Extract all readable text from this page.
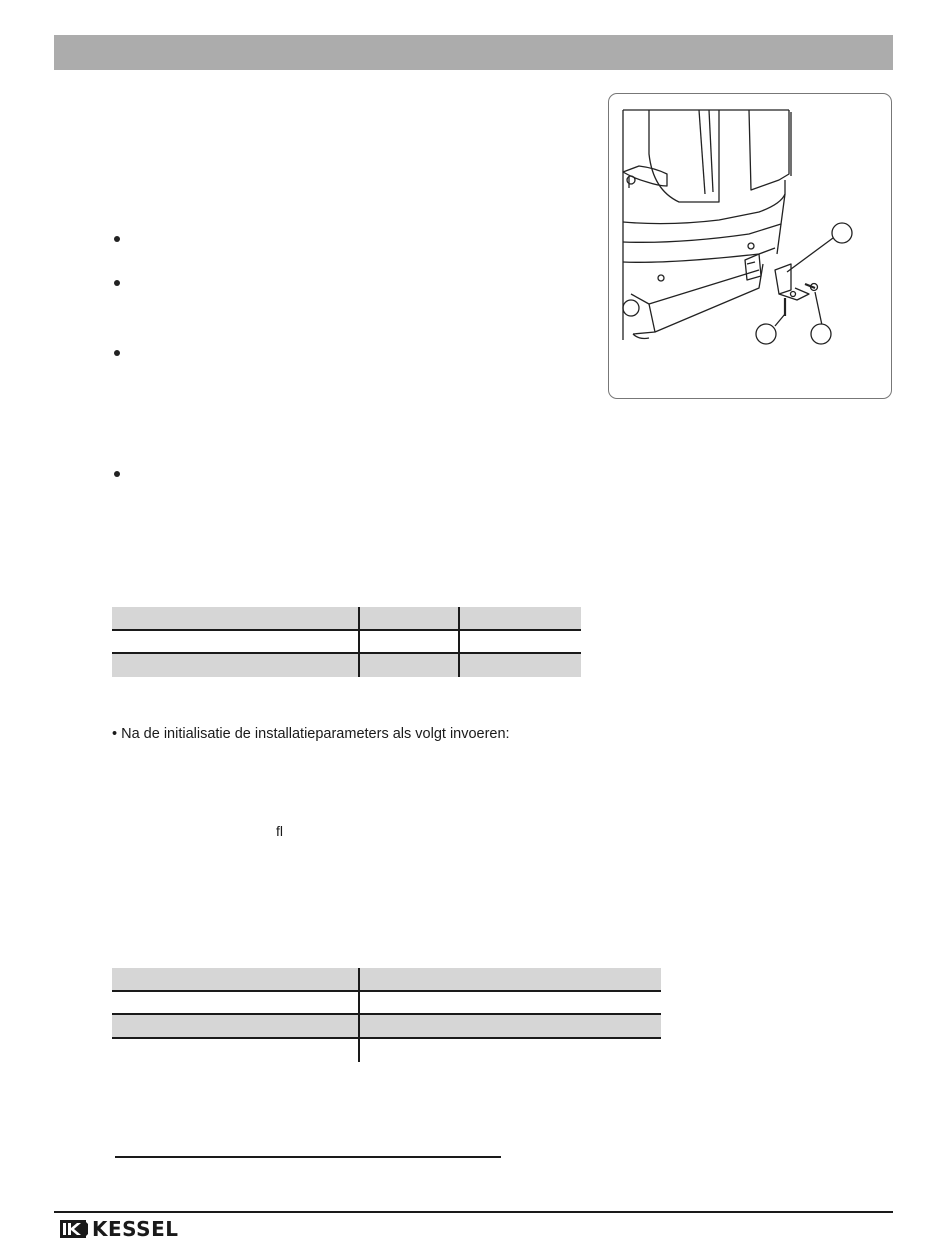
• Na de initialisatie de installatieparameters als volgt invoeren:
fl
KESSEL
